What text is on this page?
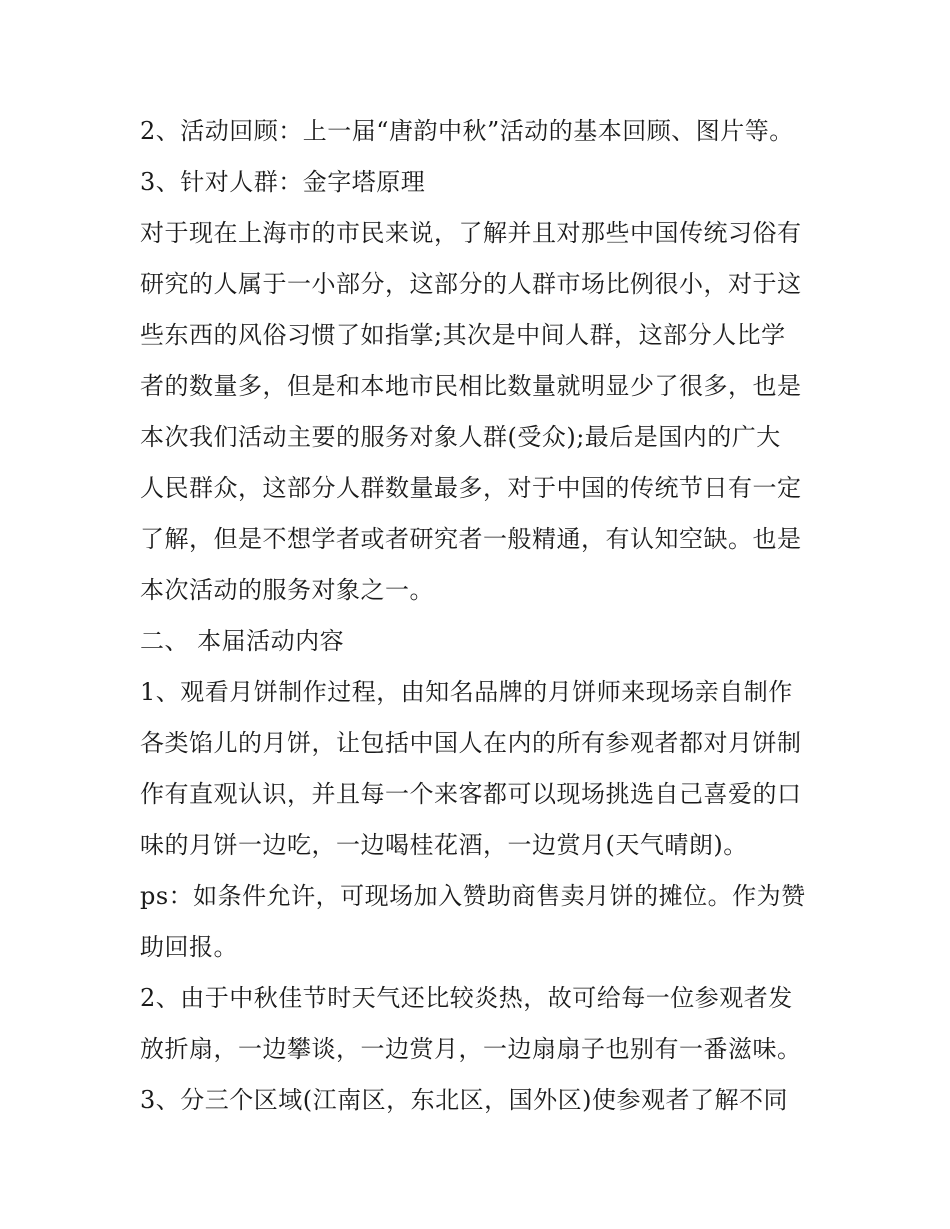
2、活动回顾：上一届“唐韵中秋”活动的基本回顾、图片等。
3、针对人群：金字塔原理
对于现在上海市的市民来说，了解并且对那些中国传统习俗有
研究的人属于一小部分，这部分的人群市场比例很小，对于这
些东西的风俗习惯了如指掌;其次是中间人群，这部分人比学
者的数量多，但是和本地市民相比数量就明显少了很多，也是
本次我们活动主要的服务对象人群(受众);最后是国内的广大
人民群众，这部分人群数量最多，对于中国的传统节日有一定
了解，但是不想学者或者研究者一般精通，有认知空缺。也是
本次活动的服务对象之一。
二、 本届活动内容
1、观看月饼制作过程，由知名品牌的月饼师来现场亲自制作
各类馅儿的月饼，让包括中国人在内的所有参观者都对月饼制
作有直观认识，并且每一个来客都可以现场挑选自己喜爱的口
味的月饼一边吃，一边喝桂花酒，一边赏月(天气晴朗)。
ps：如条件允许，可现场加入赞助商售卖月饼的摊位。作为赞
助回报。
2、由于中秋佳节时天气还比较炎热，故可给每一位参观者发
放折扇，一边攀谈，一边赏月，一边扇扇子也别有一番滋味。
3、分三个区域(江南区，东北区，国外区)使参观者了解不同
